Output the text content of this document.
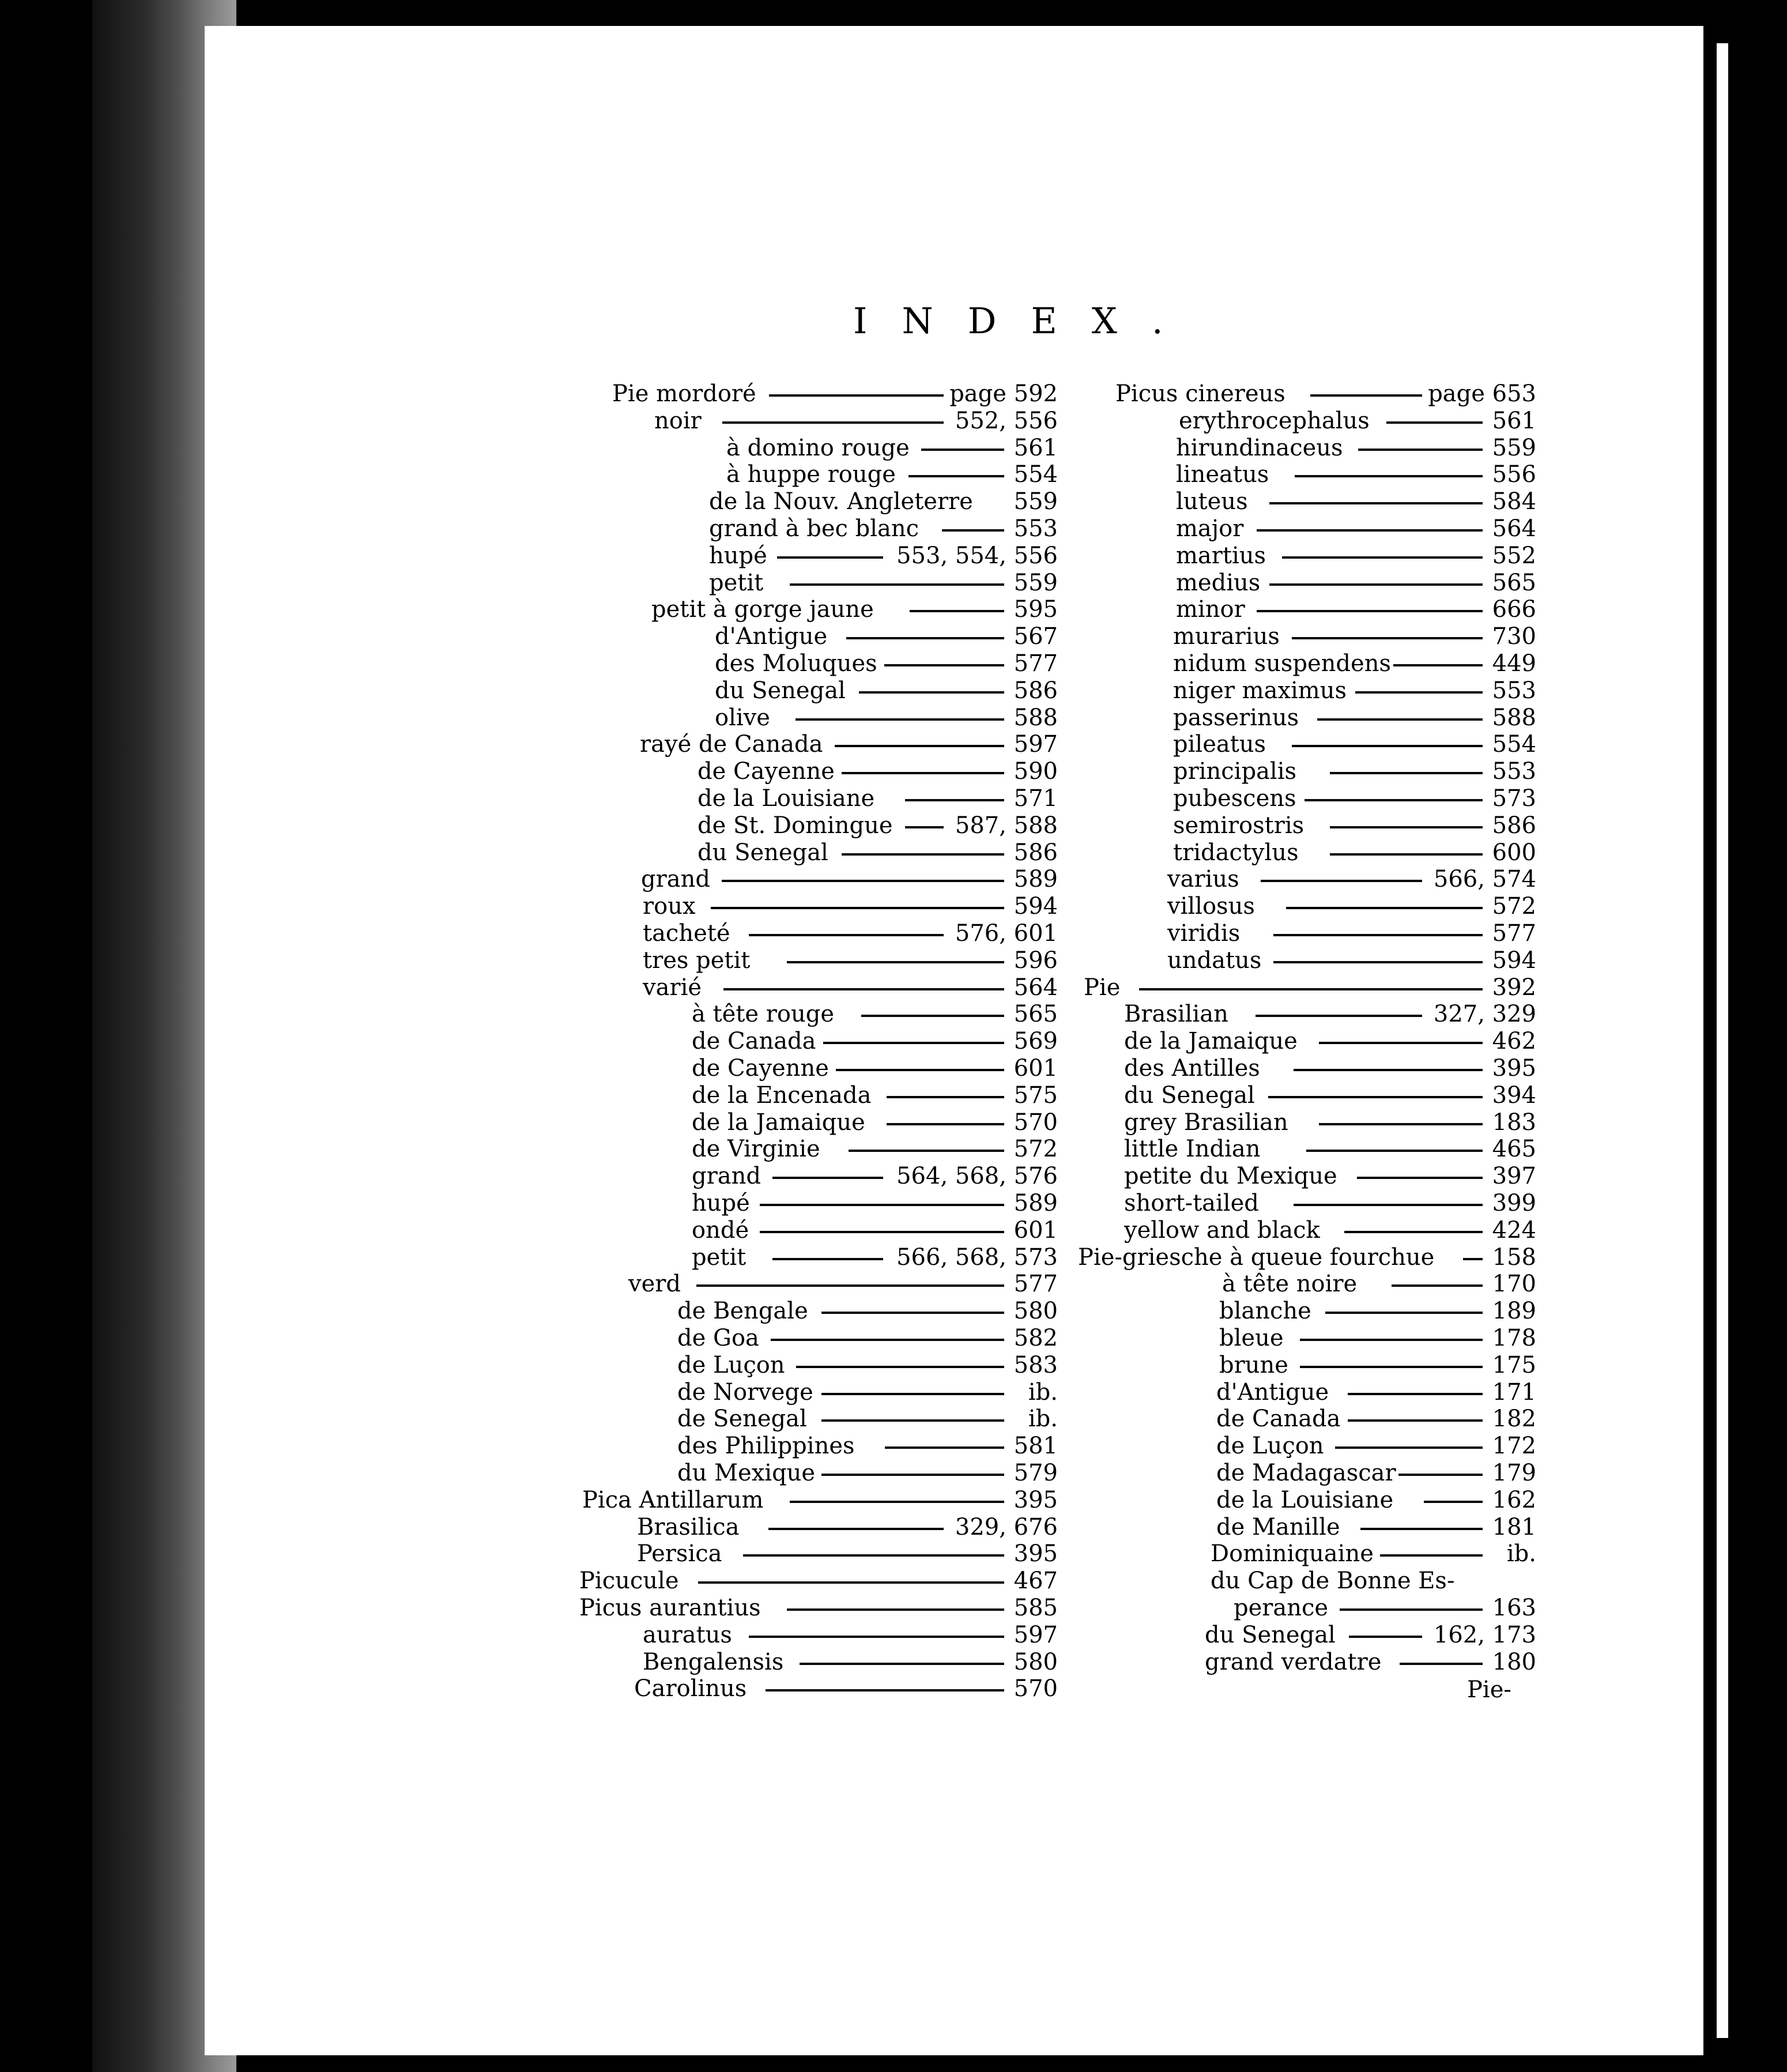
INDEX.
Pie mordoré	page 592
noir	552, 556
à domino rouge	561
à huppe rouge	554
de la Nouv. Angleterre 559
grand à bec blanc	553
hupé	553, 554, 556
petit	559
petit à gorge jaune	595
d'Antigue	567
des Moluques	577
du Senegal	586
olive	588
rayé de Canada	597
de Cayenne	590
de la Louisiane	571
de St. Domingue	587, 588
du Senegal	586
grand	589
roux	594
tacheté	576, 601
tres petit	596
varié	564
à tête rouge	565
de Canada	569
de Cayenne	601
de la Encenada	575
de la Jamaique	570
de Virginie	572
grand	564, 568, 576
hupé	589
ondé	601
petit	566, 568, 573
verd	577
de Bengale	580
de Goa	582
de Luçon	583
de Norvege	ib.
de Senegal	ib.
des Philippines	581
du Mexique	579
Pica Antillarum	395
Brasilica	329, 676
Persica	395
Picucule	467
Picus aurantius	585
auratus	597
Bengalensis	580
Carolinus	570
Picus cinereus	page 653
erythrocephalus	561
hirundinaceus	559
lineatus	556
luteus	584
major	564
martius	552
medius	565
minor	666
murarius	730
nidum suspendens	449
niger maximus	553
passerinus	588
pileatus	554
principalis	553
pubescens	573
semirostris	586
tridactylus	600
varius	566, 574
villosus	572
viridis	577
undatus	594
Pie	392
Brasilian	327, 329
de la Jamaique	462
des Antilles	395
du Senegal	394
grey Brasilian	183
little Indian	465
petite du Mexique	397
short-tailed	399
yellow and black	424
Pie-griesche à queue fourchue	158
à tête noire	170
blanche	189
bleue	178
brune	175
d'Antigue	171
de Canada	182
de Luçon	172
de Madagascar	179
de la Louisiane	162
de Manille	181
Dominiquaine	ib.
du Cap de Bonne Es-
perance	163
du Senegal	162, 173
grand verdatre	180
Pie-
